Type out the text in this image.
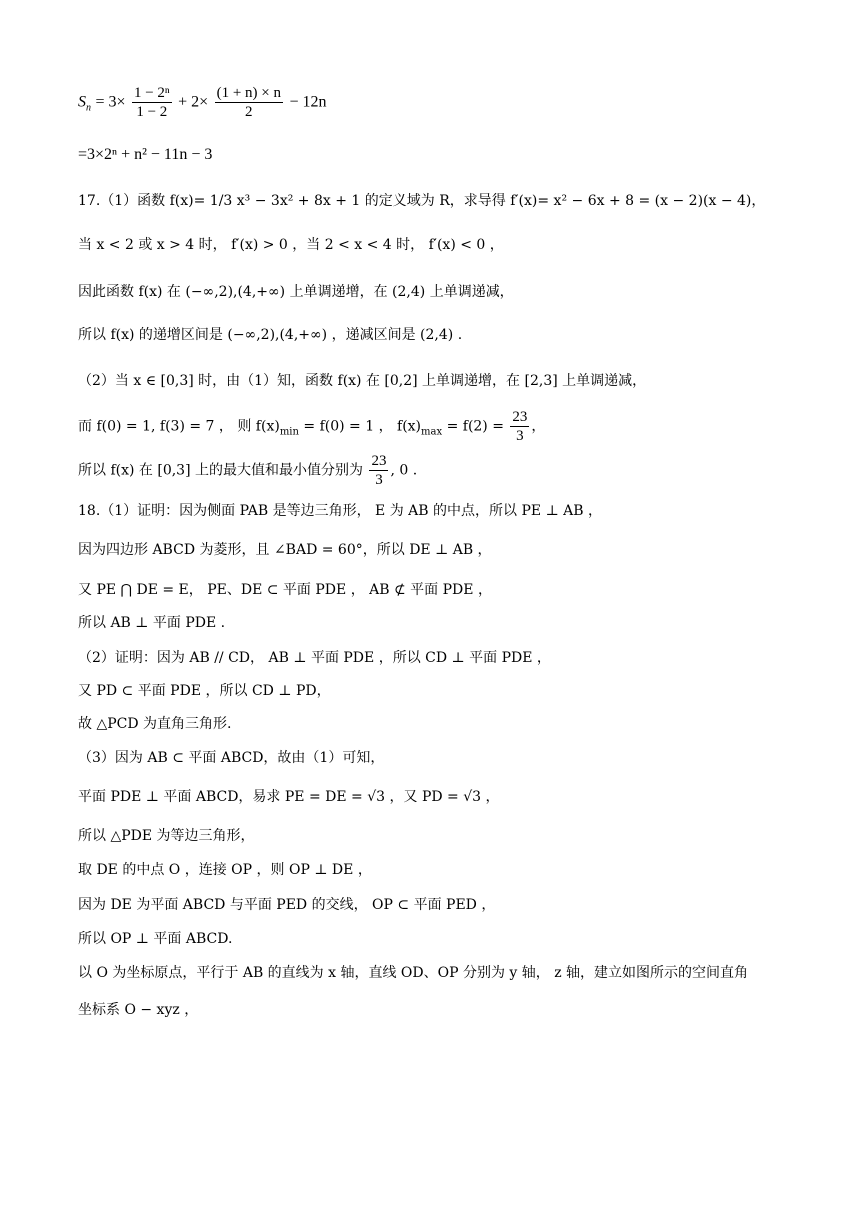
$S_n = 3\times \frac{\text{1 − 2ⁿ}}{1 - 2} + 2\times \frac{(1 + n) \times n}{2} - 12n$
=3×2ⁿ + n² − 11n − 3
17.（1）函数 f(x)= 1/3 x³ − 3x² + 8x + 1 的定义域为 R，求导得 f′(x)= x² − 6x + 8 = (x − 2)(x − 4)，
当 x < 2 或 x > 4 时， f′(x) > 0 ，当 2 < x < 4 时， f′(x) < 0 ，
因此函数 f(x) 在 (−∞,2),(4,+∞) 上单调递增，在 (2,4) 上单调递减，
所以 f(x) 的递增区间是 (−∞,2),(4,+∞) ，递减区间是 (2,4) .
（2）当 x ∈ [0,3] 时，由（1）知，函数 f(x) 在 [0,2] 上单调递增，在 [2,3] 上单调递减，
而 f(0) = 1, f(3) = 7 ， 则 $f(x)_{min} = f(0) = 1$ ， $f(x)_{max} = f(2) = \frac{23}{3}$ ，
所以 f(x) 在 [0,3] 上的最大值和最小值分别为 $\frac{23}{3}$ , 0 .
18.（1）证明：因为侧面 PAB 是等边三角形， E 为 AB 的中点，所以 PE ⊥ AB ，
因为四边形 ABCD 为菱形，且 ∠BAD = 60°，所以 DE ⊥ AB ，
又 PE ⋂ DE = E， PE、DE ⊂ 平面 PDE ， AB ⊄ 平面 PDE ，
所以 AB ⊥ 平面 PDE .
（2）证明：因为 AB // CD， AB ⊥ 平面 PDE ，所以 CD ⊥ 平面 PDE ，
又 PD ⊂ 平面 PDE ，所以 CD ⊥ PD，
故 △PCD 为直角三角形.
（3）因为 AB ⊂ 平面 ABCD，故由（1）可知，
平面 PDE ⊥ 平面 ABCD，易求 PE = DE = √3 ，又 PD = √3 ，
所以 △PDE 为等边三角形，
取 DE 的中点 O ，连接 OP ，则 OP ⊥ DE ，
因为 DE 为平面 ABCD 与平面 PED 的交线， OP ⊂ 平面 PED ，
所以 OP ⊥ 平面 ABCD.
以 O 为坐标原点，平行于 AB 的直线为 x 轴，直线 OD、OP 分别为 y 轴， z 轴，建立如图所示的空间直角
坐标系 O − xyz ，
